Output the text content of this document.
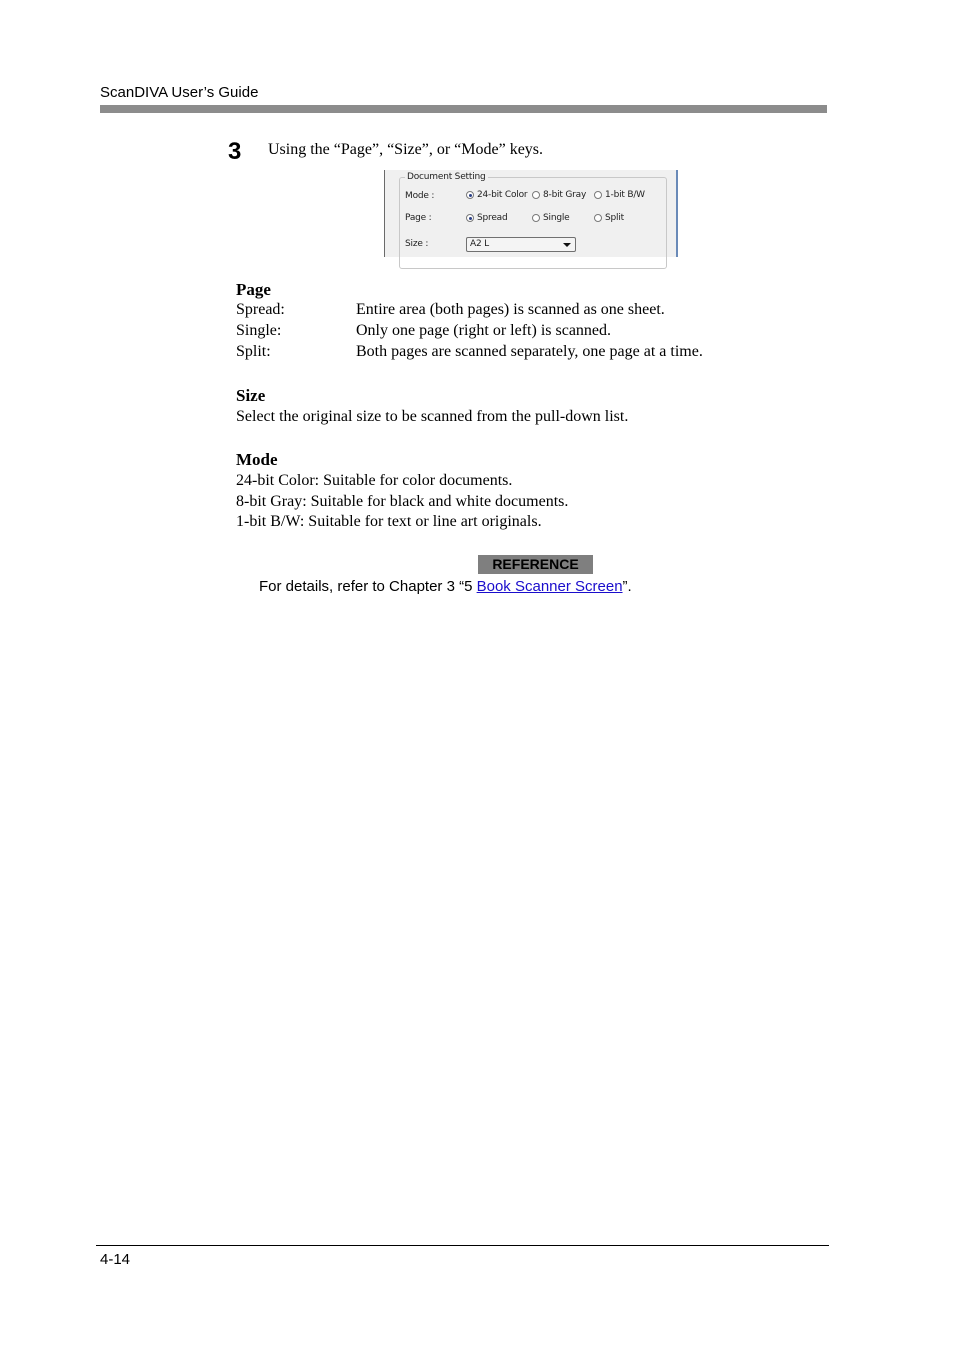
ScanDIVA User’s Guide
3 Using the “Page”, “Size”, or “Mode” keys.
Document Setting
Mode :	24-bit Color 8-bit Gray 1-bit B/W
Page :	Spread	Single	Split
Size :	A2 L
Page
Spread:	Entire area (both pages) is scanned as one sheet.
Single:	Only one page (right or left) is scanned.
Split:	Both pages are scanned separately, one page at a time.
Size
Select the original size to be scanned from the pull-down list.
Mode
24-bit Color: Suitable for color documents.
8-bit Gray: Suitable for black and white documents.
1-bit B/W: Suitable for text or line art originals.
REFERENCE
For details, refer to Chapter 3 “5 Book Scanner Screen”.
4-14
